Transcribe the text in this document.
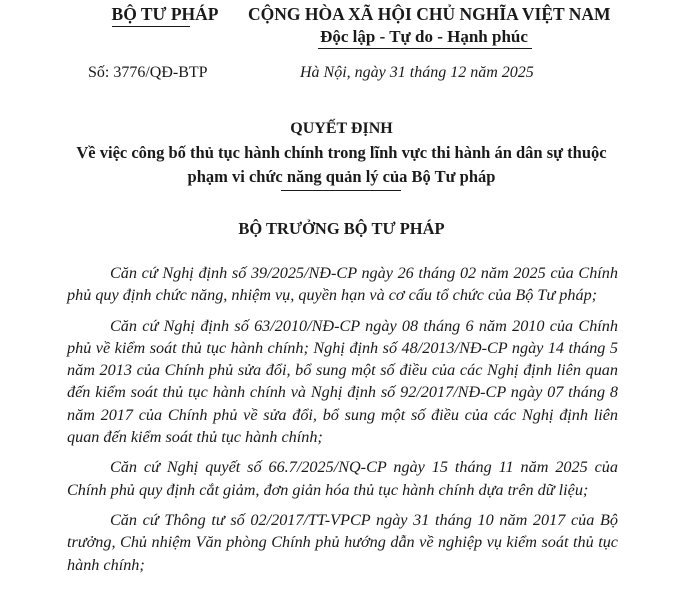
BỘ TƯ PHÁP	CỘNG HÒA XÃ HỘI CHỦ NGHĨA VIỆT NAM
Độc lập - Tự do - Hạnh phúc
Số: 3776/QĐ-BTP	Hà Nội, ngày 31 tháng 12 năm 2025
QUYẾT ĐỊNH
Về việc công bố thủ tục hành chính trong lĩnh vực thi hành án dân sự thuộc
phạm vi chức năng quản lý của Bộ Tư pháp
BỘ TRƯỞNG BỘ TƯ PHÁP

Căn cứ Nghị định số 39/2025/NĐ-CP ngày 26 tháng 02 năm 2025 của Chính phủ quy định chức năng, nhiệm vụ, quyền hạn và cơ cấu tổ chức của Bộ Tư pháp;

Căn cứ Nghị định số 63/2010/NĐ-CP ngày 08 tháng 6 năm 2010 của Chính phủ về kiểm soát thủ tục hành chính; Nghị định số 48/2013/NĐ-CP ngày 14 tháng 5 năm 2013 của Chính phủ sửa đổi, bổ sung một số điều của các Nghị định liên quan đến kiểm soát thủ tục hành chính và Nghị định số 92/2017/NĐ-CP ngày 07 tháng 8 năm 2017 của Chính phủ về sửa đổi, bổ sung một số điều của các Nghị định liên quan đến kiểm soát thủ tục hành chính;

Căn cứ Nghị quyết số 66.7/2025/NQ-CP ngày 15 tháng 11 năm 2025 của Chính phủ quy định cắt giảm, đơn giản hóa thủ tục hành chính dựa trên dữ liệu;

Căn cứ Thông tư số 02/2017/TT-VPCP ngày 31 tháng 10 năm 2017 của Bộ trưởng, Chủ nhiệm Văn phòng Chính phủ hướng dẫn về nghiệp vụ kiểm soát thủ tục hành chính;
